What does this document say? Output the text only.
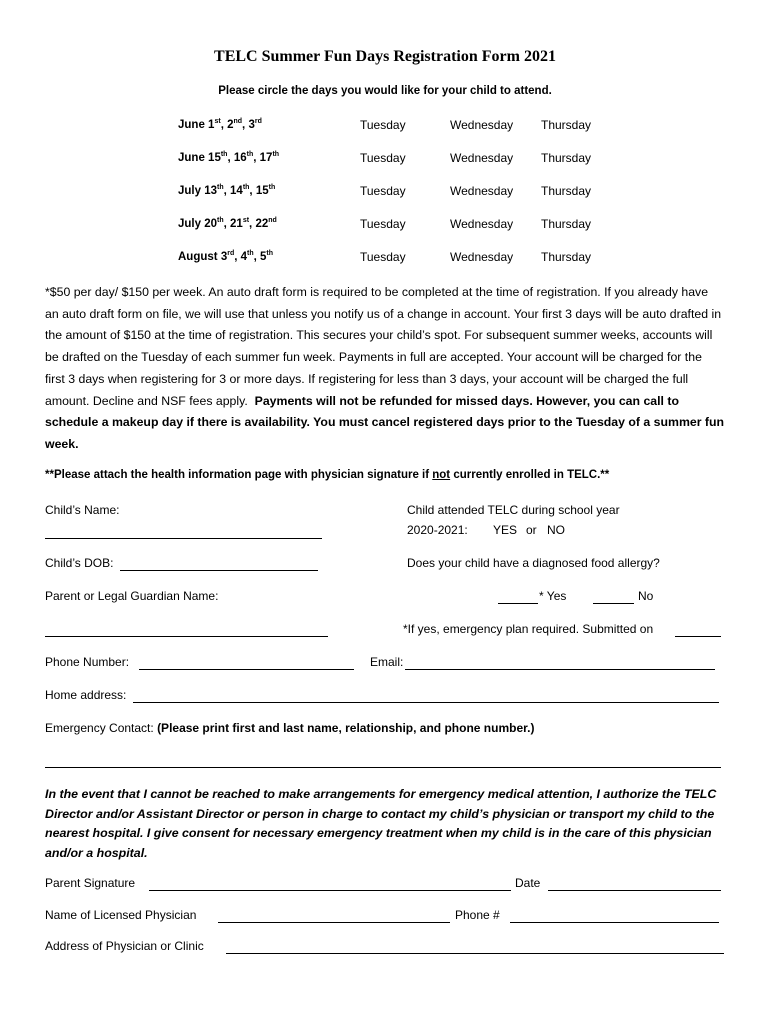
TELC Summer Fun Days Registration Form 2021
Please circle the days you would like for your child to attend.
June 1st, 2nd, 3rd	Tuesday	Wednesday Thursday
June 15th, 16th, 17th	Tuesday	Wednesday Thursday
July 13th, 14th, 15th	Tuesday	Wednesday Thursday
July 20th, 21st, 22nd	Tuesday	Wednesday Thursday
August 3rd, 4th, 5th	Tuesday	Wednesday Thursday
*$50 per day/ $150 per week. An auto draft form is required to be completed at the time of registration. If you already have an auto draft form on file, we will use that unless you notify us of a change in account. Your first 3 days will be auto drafted in the amount of $150 at the time of registration. This secures your child’s spot. For subsequent summer weeks, accounts will be drafted on the Tuesday of each summer fun week. Payments in full are accepted. Your account will be charged for the first 3 days when registering for 3 or more days. If registering for less than 3 days, your account will be charged the full amount. Decline and NSF fees apply. Payments will not be refunded for missed days. However, you can call to schedule a makeup day if there is availability. You must cancel registered days prior to the Tuesday of a summer fun week.
**Please attach the health information page with physician signature if not currently enrolled in TELC.**
Child’s Name:	Child attended TELC during school year
2020-2021: YES or NO
Child’s DOB:	Does your child have a diagnosed food allergy?
Parent or Legal Guardian Name:	* Yes	No
*If yes, emergency plan required. Submitted on
Phone Number:	Email:
Home address:
Emergency Contact: (Please print first and last name, relationship, and phone number.)
In the event that I cannot be reached to make arrangements for emergency medical attention, I authorize the TELC Director and/or Assistant Director or person in charge to contact my child’s physician or transport my child to the nearest hospital. I give consent for necessary emergency treatment when my child is in the care of this physician and/or a hospital.
Parent Signature	Date
Name of Licensed Physician	Phone #
Address of Physician or Clinic
